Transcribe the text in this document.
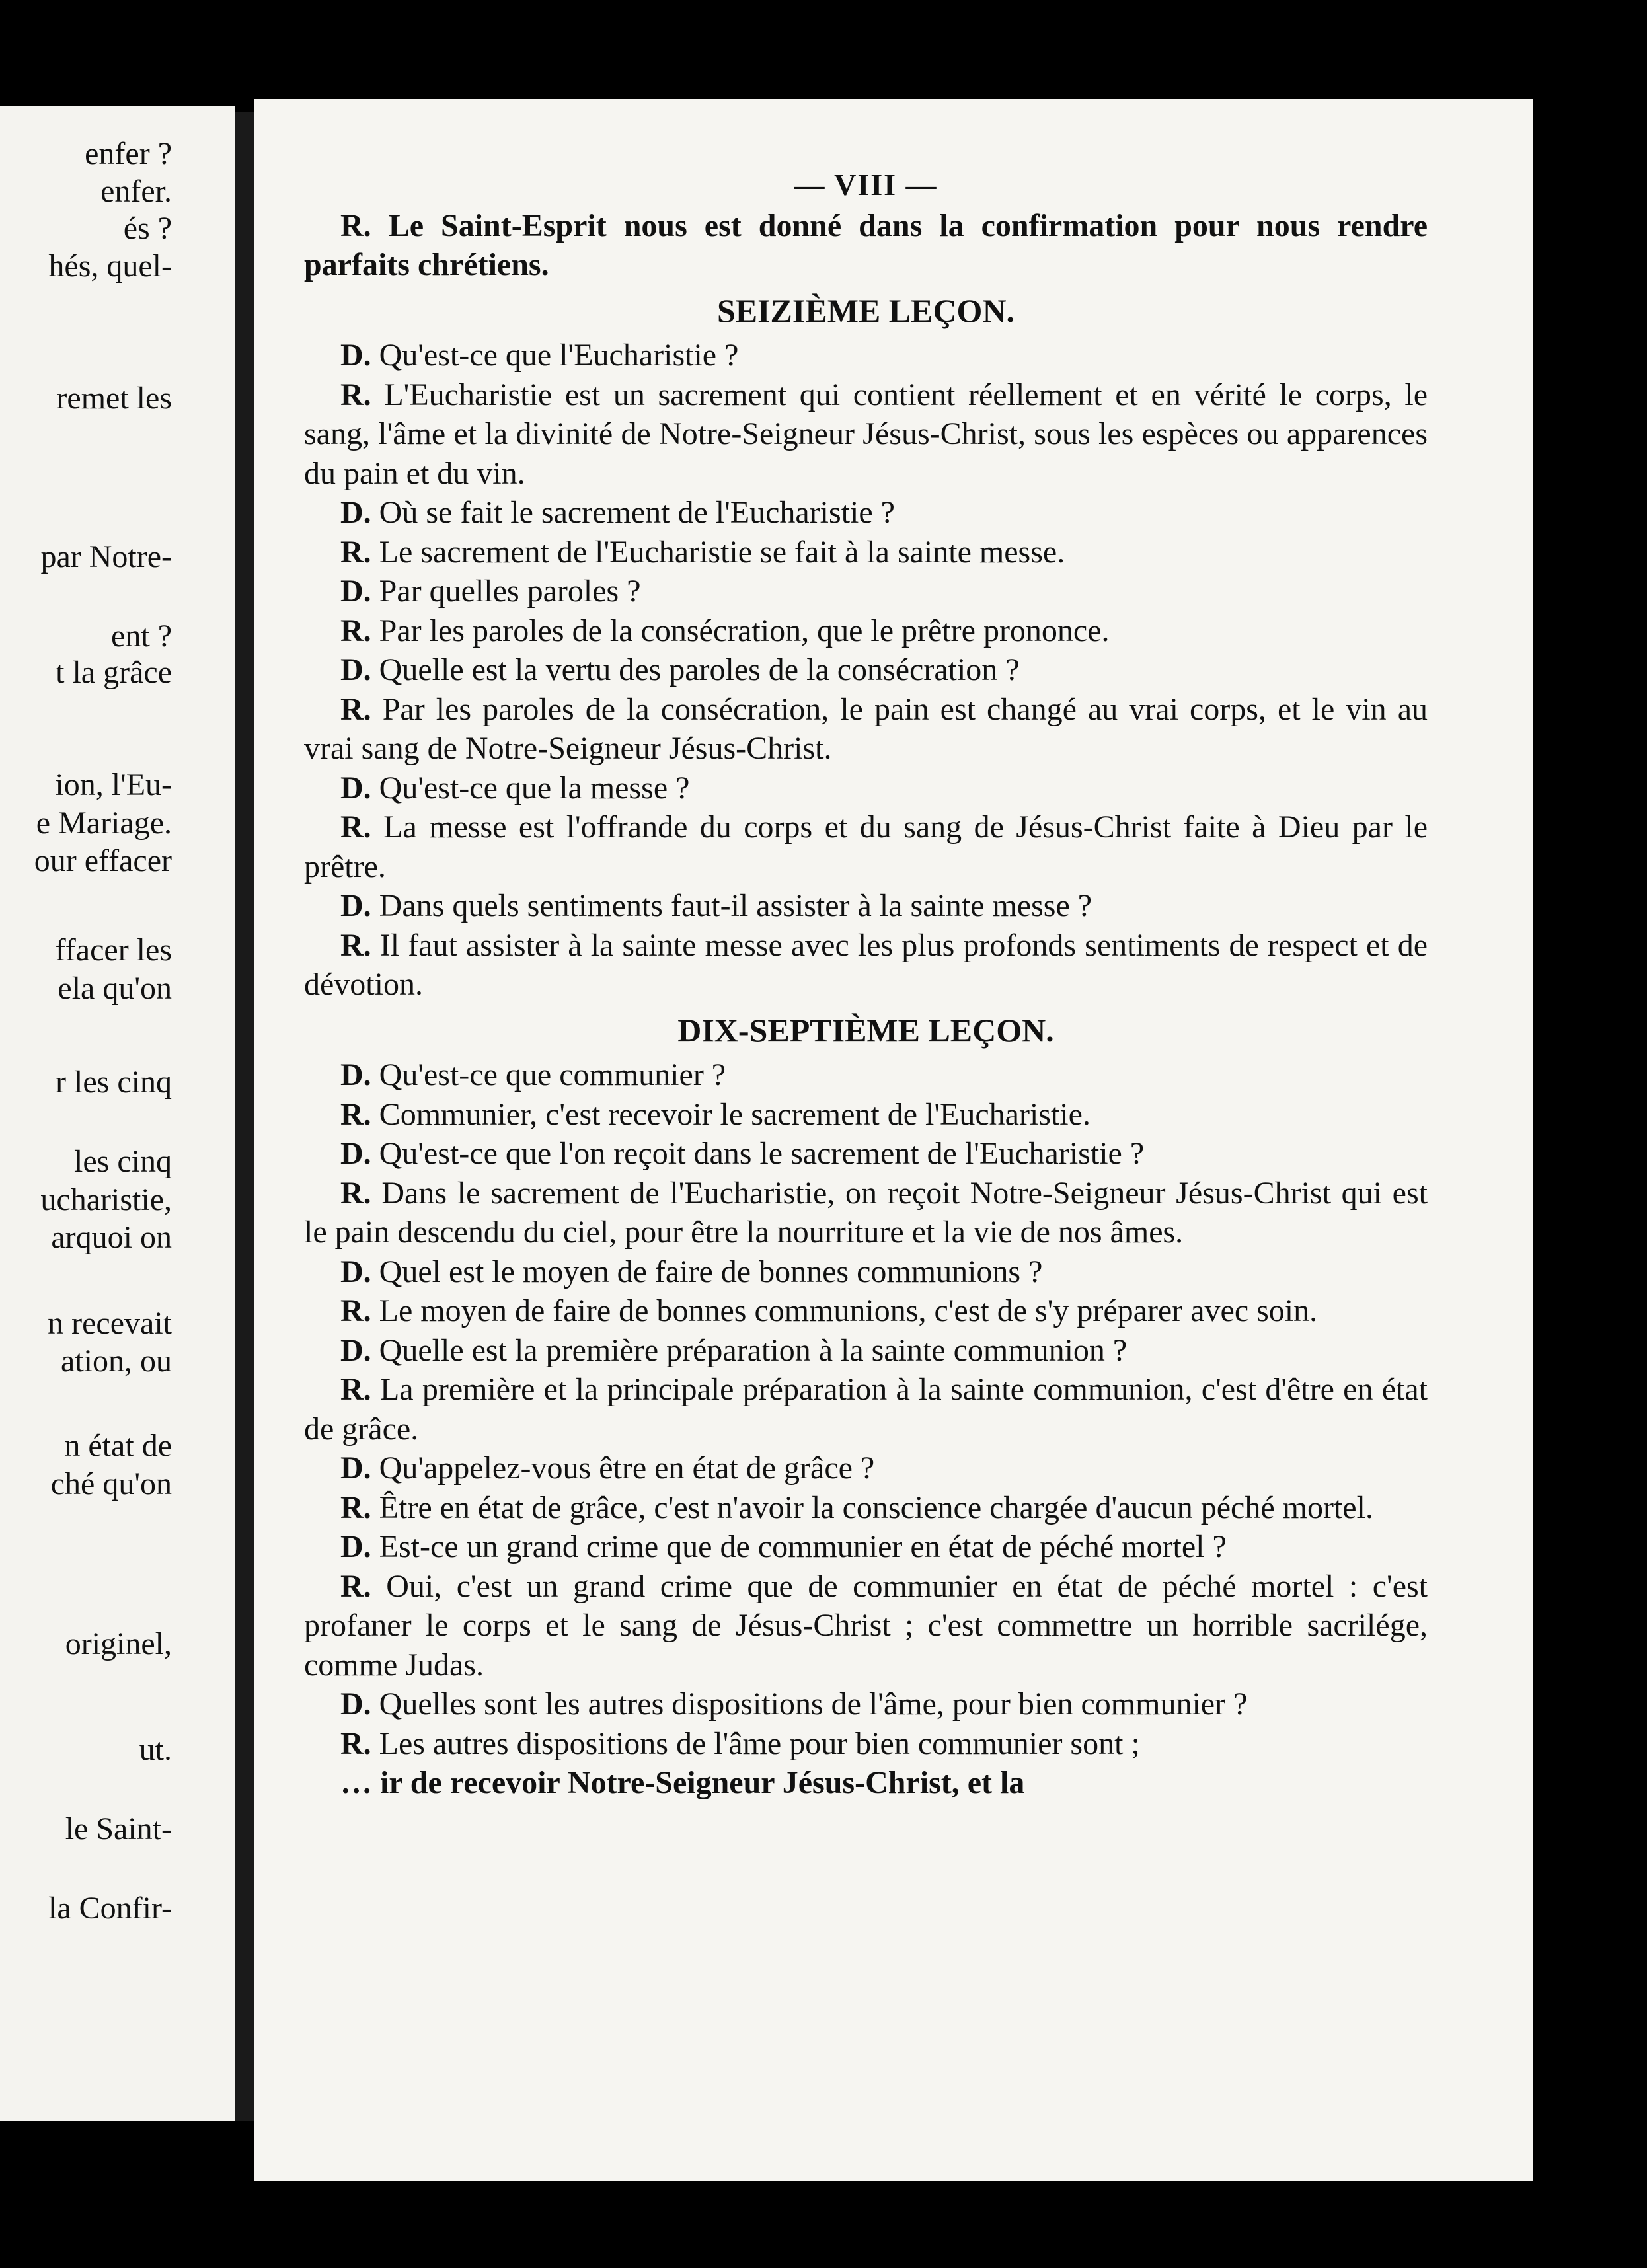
enfer ?
enfer.
és ?
hés, quel-
remet les
par Notre-
ent ?
t la grâce
ion, l'Eu-
e Mariage.
our effacer
ffacer les
ela qu'on
r les cinq
les cinq
ucharistie,
arquoi on
n recevait
ation, ou
n état de
ché qu'on
originel,
ut.
le Saint-
la Confir-
— VIII —

R. Le Saint-Esprit nous est donné dans la confirmation pour nous rendre parfaits chrétiens.

SEIZIÈME LEÇON.

D. Qu'est-ce que l'Eucharistie ?

R. L'Eucharistie est un sacrement qui contient réellement et en vérité le corps, le sang, l'âme et la divinité de Notre-Seigneur Jésus-Christ, sous les espèces ou apparences du pain et du vin.

D. Où se fait le sacrement de l'Eucharistie ?

R. Le sacrement de l'Eucharistie se fait à la sainte messe.

D. Par quelles paroles ?

R. Par les paroles de la consécration, que le prêtre prononce.

D. Quelle est la vertu des paroles de la consécration ?

R. Par les paroles de la consécration, le pain est changé au vrai corps, et le vin au vrai sang de Notre-Seigneur Jésus-Christ.

D. Qu'est-ce que la messe ?

R. La messe est l'offrande du corps et du sang de Jésus-Christ faite à Dieu par le prêtre.

D. Dans quels sentiments faut-il assister à la sainte messe ?

R. Il faut assister à la sainte messe avec les plus profonds sentiments de respect et de dévotion.

DIX-SEPTIÈME LEÇON.

D. Qu'est-ce que communier ?

R. Communier, c'est recevoir le sacrement de l'Eucharistie.

D. Qu'est-ce que l'on reçoit dans le sacrement de l'Eucharistie ?

R. Dans le sacrement de l'Eucharistie, on reçoit Notre-Seigneur Jésus-Christ qui est le pain descendu du ciel, pour être la nourriture et la vie de nos âmes.

D. Quel est le moyen de faire de bonnes communions ?

R. Le moyen de faire de bonnes communions, c'est de s'y préparer avec soin.

D. Quelle est la première préparation à la sainte communion ?

R. La première et la principale préparation à la sainte communion, c'est d'être en état de grâce.

D. Qu'appelez-vous être en état de grâce ?

R. Être en état de grâce, c'est n'avoir la conscience chargée d'aucun péché mortel.

D. Est-ce un grand crime que de communier en état de péché mortel ?

R. Oui, c'est un grand crime que de communier en état de péché mortel : c'est profaner le corps et le sang de Jésus-Christ ; c'est commettre un horrible sacrilége, comme Judas.

D. Quelles sont les autres dispositions de l'âme, pour bien communier ?

R. Les autres dispositions de l'âme pour bien communier sont ;

… ir de recevoir Notre-Seigneur Jésus-Christ, et la
